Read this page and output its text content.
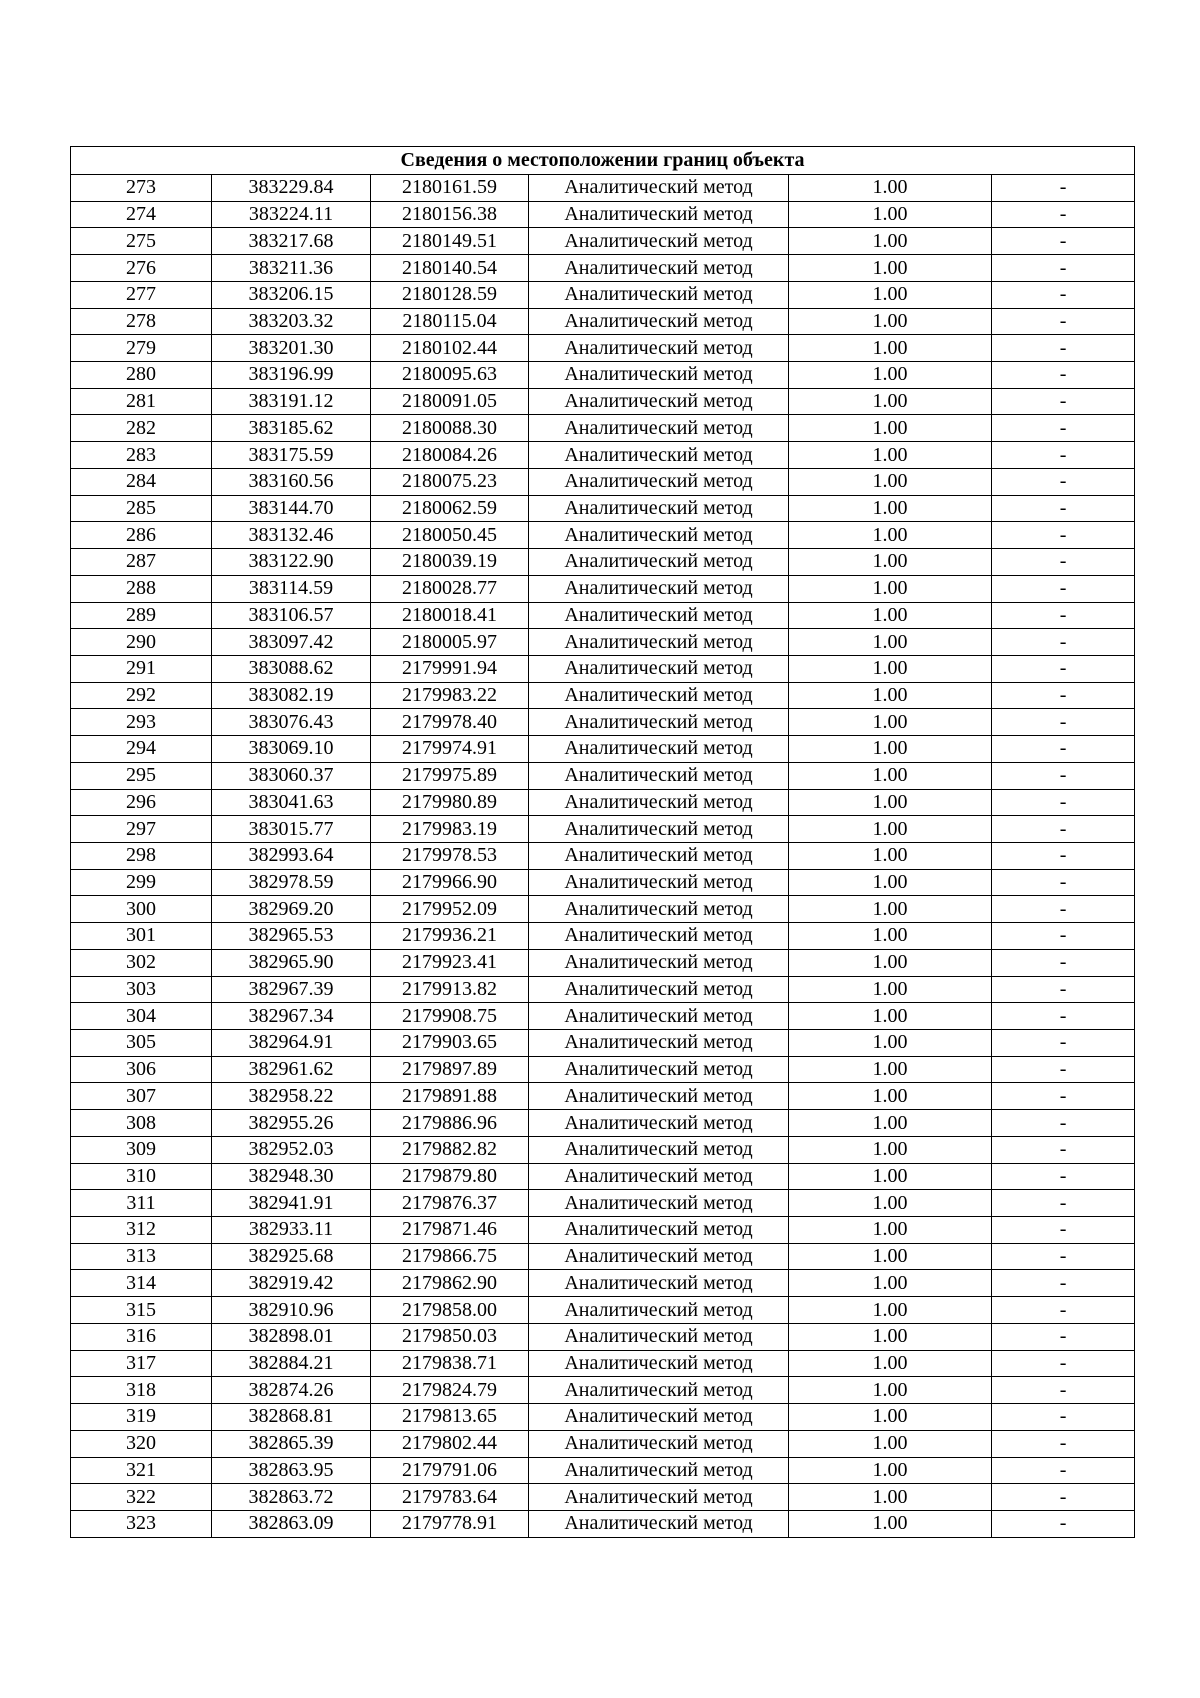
Сведения о местоположении границ объекта					
273	383229.84	2180161.59	Аналитический метод	1.00	-
274	383224.11	2180156.38	Аналитический метод	1.00	-
275	383217.68	2180149.51	Аналитический метод	1.00	-
276	383211.36	2180140.54	Аналитический метод	1.00	-
277	383206.15	2180128.59	Аналитический метод	1.00	-
278	383203.32	2180115.04	Аналитический метод	1.00	-
279	383201.30	2180102.44	Аналитический метод	1.00	-
280	383196.99	2180095.63	Аналитический метод	1.00	-
281	383191.12	2180091.05	Аналитический метод	1.00	-
282	383185.62	2180088.30	Аналитический метод	1.00	-
283	383175.59	2180084.26	Аналитический метод	1.00	-
284	383160.56	2180075.23	Аналитический метод	1.00	-
285	383144.70	2180062.59	Аналитический метод	1.00	-
286	383132.46	2180050.45	Аналитический метод	1.00	-
287	383122.90	2180039.19	Аналитический метод	1.00	-
288	383114.59	2180028.77	Аналитический метод	1.00	-
289	383106.57	2180018.41	Аналитический метод	1.00	-
290	383097.42	2180005.97	Аналитический метод	1.00	-
291	383088.62	2179991.94	Аналитический метод	1.00	-
292	383082.19	2179983.22	Аналитический метод	1.00	-
293	383076.43	2179978.40	Аналитический метод	1.00	-
294	383069.10	2179974.91	Аналитический метод	1.00	-
295	383060.37	2179975.89	Аналитический метод	1.00	-
296	383041.63	2179980.89	Аналитический метод	1.00	-
297	383015.77	2179983.19	Аналитический метод	1.00	-
298	382993.64	2179978.53	Аналитический метод	1.00	-
299	382978.59	2179966.90	Аналитический метод	1.00	-
300	382969.20	2179952.09	Аналитический метод	1.00	-
301	382965.53	2179936.21	Аналитический метод	1.00	-
302	382965.90	2179923.41	Аналитический метод	1.00	-
303	382967.39	2179913.82	Аналитический метод	1.00	-
304	382967.34	2179908.75	Аналитический метод	1.00	-
305	382964.91	2179903.65	Аналитический метод	1.00	-
306	382961.62	2179897.89	Аналитический метод	1.00	-
307	382958.22	2179891.88	Аналитический метод	1.00	-
308	382955.26	2179886.96	Аналитический метод	1.00	-
309	382952.03	2179882.82	Аналитический метод	1.00	-
310	382948.30	2179879.80	Аналитический метод	1.00	-
311	382941.91	2179876.37	Аналитический метод	1.00	-
312	382933.11	2179871.46	Аналитический метод	1.00	-
313	382925.68	2179866.75	Аналитический метод	1.00	-
314	382919.42	2179862.90	Аналитический метод	1.00	-
315	382910.96	2179858.00	Аналитический метод	1.00	-
316	382898.01	2179850.03	Аналитический метод	1.00	-
317	382884.21	2179838.71	Аналитический метод	1.00	-
318	382874.26	2179824.79	Аналитический метод	1.00	-
319	382868.81	2179813.65	Аналитический метод	1.00	-
320	382865.39	2179802.44	Аналитический метод	1.00	-
321	382863.95	2179791.06	Аналитический метод	1.00	-
322	382863.72	2179783.64	Аналитический метод	1.00	-
323	382863.09	2179778.91	Аналитический метод	1.00	-
